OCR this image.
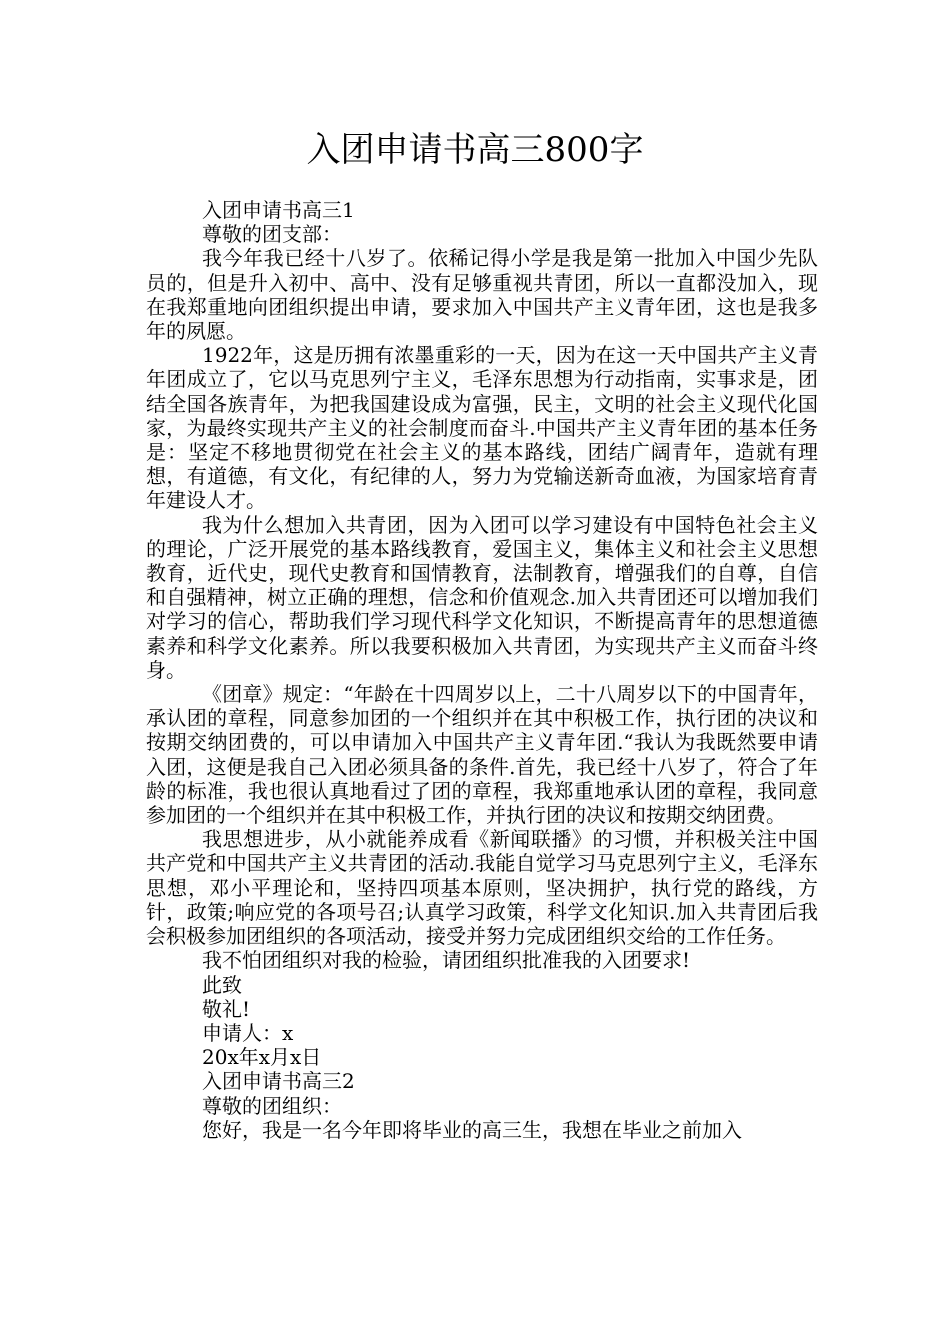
入团申请书高三800字

入团申请书高三1

尊敬的团支部：

我今年我已经十八岁了。依稀记得小学是我是第一批加入中国少先队员的，但是升入初中、高中、没有足够重视共青团，所以一直都没加入，现在我郑重地向团组织提出申请，要求加入中国共产主义青年团，这也是我多年的夙愿。

1922年，这是历拥有浓墨重彩的一天，因为在这一天中国共产主义青年团成立了，它以马克思列宁主义，毛泽东思想为行动指南，实事求是，团结全国各族青年，为把我国建设成为富强，民主，文明的社会主义现代化国家，为最终实现共产主义的社会制度而奋斗.中国共产主义青年团的基本任务是：坚定不移地贯彻党在社会主义的基本路线，团结广阔青年，造就有理想，有道德，有文化，有纪律的人，努力为党输送新奇血液，为国家培育青年建设人才。

我为什么想加入共青团，因为入团可以学习建设有中国特色社会主义的理论，广泛开展党的基本路线教育，爱国主义，集体主义和社会主义思想教育，近代史，现代史教育和国情教育，法制教育，增强我们的自尊，自信和自强精神，树立正确的理想，信念和价值观念.加入共青团还可以增加我们对学习的信心，帮助我们学习现代科学文化知识，不断提高青年的思想道德素养和科学文化素养。所以我要积极加入共青团，为实现共产主义而奋斗终身。

《团章》规定：“年龄在十四周岁以上，二十八周岁以下的中国青年，承认团的章程，同意参加团的一个组织并在其中积极工作，执行团的决议和按期交纳团费的，可以申请加入中国共产主义青年团.“我认为我既然要申请入团，这便是我自己入团必须具备的条件.首先，我已经十八岁了，符合了年龄的标准，我也很认真地看过了团的章程，我郑重地承认团的章程，我同意参加团的一个组织并在其中积极工作，并执行团的决议和按期交纳团费。

我思想进步，从小就能养成看《新闻联播》的习惯，并积极关注中国共产党和中国共产主义共青团的活动.我能自觉学习马克思列宁主义，毛泽东思想，邓小平理论和，坚持四项基本原则，坚决拥护，执行党的路线，方针，政策;响应党的各项号召;认真学习政策，科学文化知识.加入共青团后我会积极参加团组织的各项活动，接受并努力完成团组织交给的工作任务。

我不怕团组织对我的检验，请团组织批准我的入团要求!

此致

敬礼!

申请人：x

20x年x月x日

入团申请书高三2

尊敬的团组织：

您好，我是一名今年即将毕业的高三生，我想在毕业之前加入
